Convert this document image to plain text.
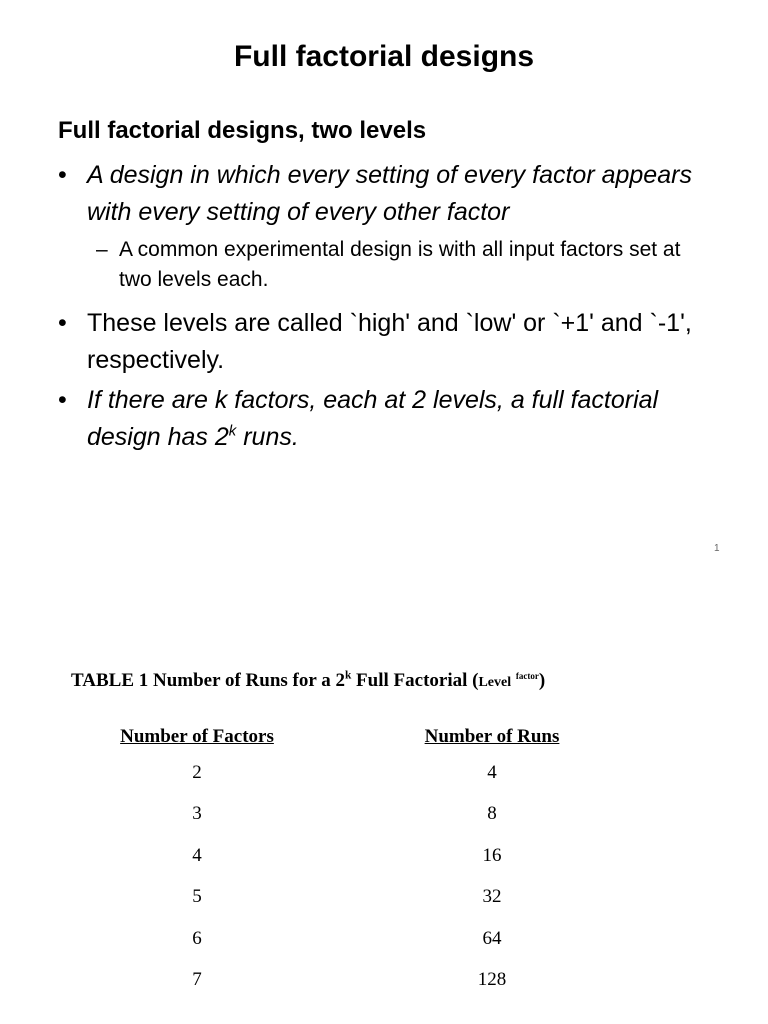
Full factorial designs
Full factorial designs, two levels
• A design in which every setting of every factor appears with every setting of every other factor
– A common experimental design is with all input factors set at two levels each.
• These levels are called `high' and `low' or `+1' and `-1', respectively.
• If there are k factors, each at 2 levels, a full factorial design has 2$^k$ runs.
1
TABLE 1 Number of Runs for a 2$^k$ Full Factorial (Level $^{factor}$)
Number of Factors		Number of Runs
2		4
3		8
4		16
5		32
6		64
7		128
